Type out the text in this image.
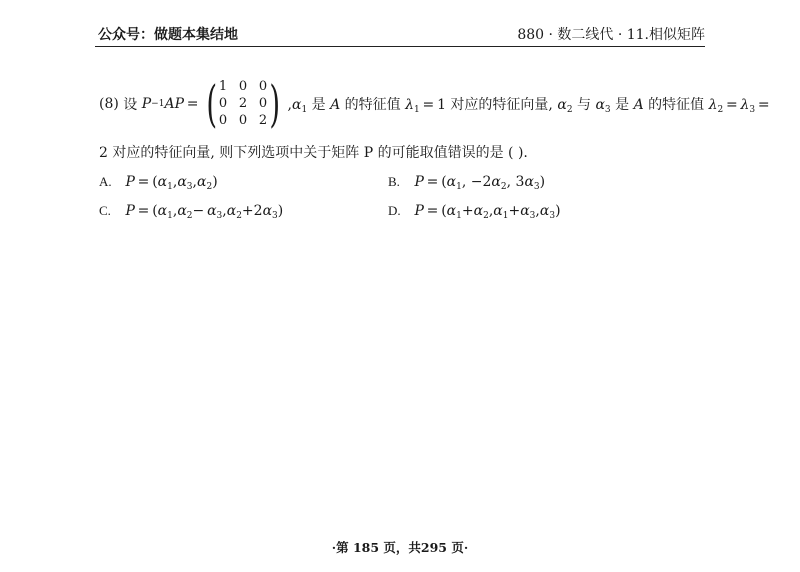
公众号：做题本集结地	880 · 数二线代 · 11.相似矩阵
(8)
设
P −1 AP  = ( 1 0 0
0 2 0
0 0 2 ) $,\alpha_1$ 是 A 的特征值 $\lambda_1 = 1$ 对应的特征向量, $\alpha_2$ 与 $\alpha_3$ 是 A 的特征值 $\lambda_2 = \lambda_3$ =
2 对应的特征向量, 则下列选项中关于矩阵 P 的可能取值错误的是 ( ).
A. $P = (\alpha_1,\alpha_3,\alpha_2)$	B. $P = (\alpha_1$, $-2\alpha_2$, $3\alpha_3$)
C. $P = (\alpha_1,\alpha_2- \alpha_3,\alpha_2+2\alpha_3)$	D. $P = (\alpha_1+\alpha_2,\alpha_1+\alpha_3,\alpha_3)$
·第 185 页，共295 页·
